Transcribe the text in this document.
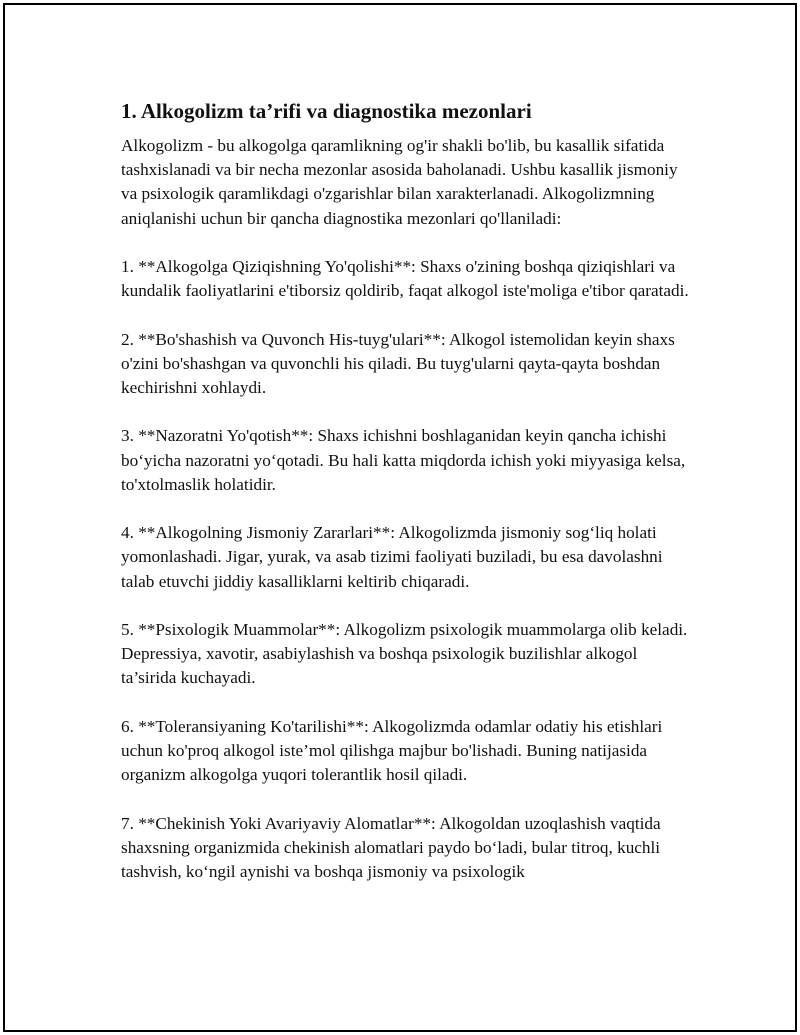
1. Alkogolizm ta’rifi va diagnostika mezonlari

Alkogolizm - bu alkogolga qaramlikning og'ir shakli bo'lib, bu kasallik sifatida tashxislanadi va bir necha mezonlar asosida baholanadi. Ushbu kasallik jismoniy va psixologik qaramlikdagi o'zgarishlar bilan xarakterlanadi. Alkogolizmning aniqlanishi uchun bir qancha diagnostika mezonlari qo'llaniladi:

1. **Alkogolga Qiziqishning Yo'qolishi**: Shaxs o'zining boshqa qiziqishlari va kundalik faoliyatlarini e'tiborsiz qoldirib, faqat alkogol iste'moliga e'tibor qaratadi.

2. **Bo'shashish va Quvonch His-tuyg'ulari**: Alkogol istemolidan keyin shaxs o'zini bo'shashgan va quvonchli his qiladi. Bu tuyg'ularni qayta-qayta boshdan kechirishni xohlaydi.

3. **Nazoratni Yo'qotish**: Shaxs ichishni boshlaganidan keyin qancha ichishi bo‘yicha nazoratni yo‘qotadi. Bu hali katta miqdorda ichish yoki miyyasiga kelsa, to'xtolmaslik holatidir.

4. **Alkogolning Jismoniy Zararlari**: Alkogolizmda jismoniy sog‘liq holati yomonlashadi. Jigar, yurak, va asab tizimi faoliyati buziladi, bu esa davolashni talab etuvchi jiddiy kasalliklarni keltirib chiqaradi.

5. **Psixologik Muammolar**: Alkogolizm psixologik muammolarga olib keladi. Depressiya, xavotir, asabiylashish va boshqa psixologik buzilishlar alkogol ta’sirida kuchayadi.

6. **Toleransiyaning Ko'tarilishi**: Alkogolizmda odamlar odatiy his etishlari uchun ko'proq alkogol iste’mol qilishga majbur bo'lishadi. Buning natijasida organizm alkogolga yuqori tolerantlik hosil qiladi.

7. **Chekinish Yoki Avariyaviy Alomatlar**: Alkogoldan uzoqlashish vaqtida shaxsning organizmida chekinish alomatlari paydo bo‘ladi, bular titroq, kuchli tashvish, ko‘ngil aynishi va boshqa jismoniy va psixologik
